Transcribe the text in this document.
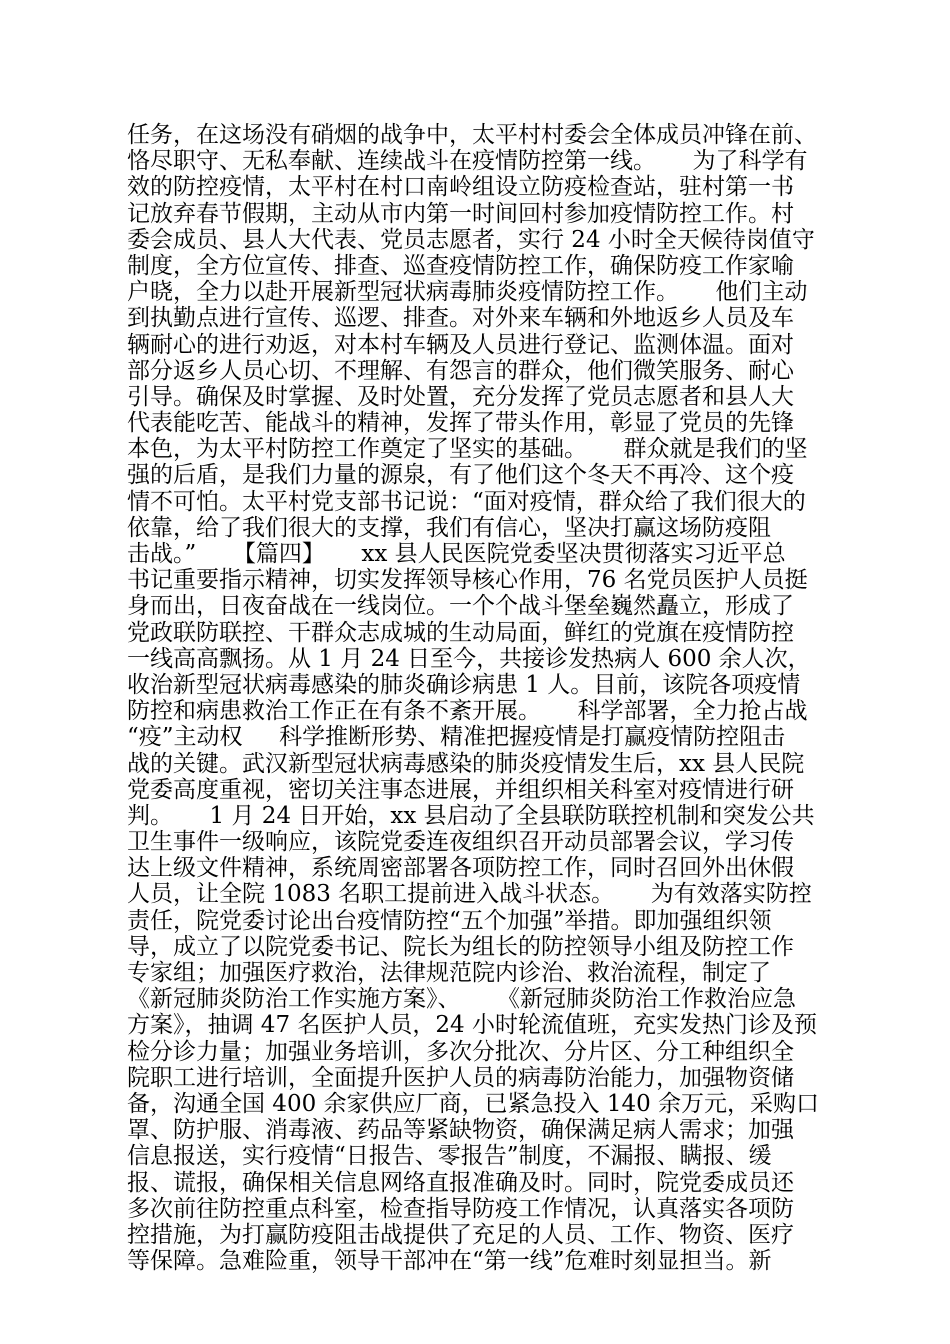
任务，在这场没有硝烟的战争中，太平村村委会全体成员冲锋在前、
恪尽职守、无私奉献、连续战斗在疫情防控第一线。     为了科学有
效的防控疫情，太平村在村口南岭组设立防疫检查站，驻村第一书
记放弃春节假期，主动从市内第一时间回村参加疫情防控工作。村
委会成员、县人大代表、党员志愿者，实行 24 小时全天候待岗值守
制度，全方位宣传、排查、巡查疫情防控工作，确保防疫工作家喻
户晓，全力以赴开展新型冠状病毒肺炎疫情防控工作。     他们主动
到执勤点进行宣传、巡逻、排查。对外来车辆和外地返乡人员及车
辆耐心的进行劝返，对本村车辆及人员进行登记、监测体温。面对
部分返乡人员心切、不理解、有怨言的群众，他们微笑服务、耐心
引导。确保及时掌握、及时处置，充分发挥了党员志愿者和县人大
代表能吃苦、能战斗的精神，发挥了带头作用，彰显了党员的先锋
本色，为太平村防控工作奠定了坚实的基础。     群众就是我们的坚
强的后盾，是我们力量的源泉，有了他们这个冬天不再冷、这个疫
情不可怕。太平村党支部书记说：“面对疫情，群众给了我们很大的
依靠，给了我们很大的支撑，我们有信心，坚决打赢这场防疫阻
击战。”     【篇四】     xx 县人民医院党委坚决贯彻落实习近平总
书记重要指示精神，切实发挥领导核心作用，76 名党员医护人员挺
身而出，日夜奋战在一线岗位。一个个战斗堡垒巍然矗立，形成了
党政联防联控、干群众志成城的生动局面，鲜红的党旗在疫情防控
一线高高飘扬。从 1 月 24 日至今，共接诊发热病人 600 余人次，
收治新型冠状病毒感染的肺炎确诊病患 1 人。目前，该院各项疫情
防控和病患救治工作正在有条不紊开展。     科学部署，全力抢占战
“疫”主动权     科学推断形势、精准把握疫情是打赢疫情防控阻击
战的关键。武汉新型冠状病毒感染的肺炎疫情发生后，xx 县人民院
党委高度重视，密切关注事态进展，并组织相关科室对疫情进行研
判。     1 月 24 日开始，xx 县启动了全县联防联控机制和突发公共
卫生事件一级响应，该院党委连夜组织召开动员部署会议，学习传
达上级文件精神，系统周密部署各项防控工作，同时召回外出休假
人员，让全院 1083 名职工提前进入战斗状态。     为有效落实防控
责任，院党委讨论出台疫情防控“五个加强”举措。即加强组织领
导，成立了以院党委书记、院长为组长的防控领导小组及防控工作
专家组；加强医疗救治，法律规范院内诊治、救治流程，制定了
《新冠肺炎防治工作实施方案》、     《新冠肺炎防治工作救治应急
方案》，抽调 47 名医护人员，24 小时轮流值班，充实发热门诊及预
检分诊力量；加强业务培训，多次分批次、分片区、分工种组织全
院职工进行培训，全面提升医护人员的病毒防治能力，加强物资储
备，沟通全国 400 余家供应厂商，已紧急投入 140 余万元，采购口
罩、防护服、消毒液、药品等紧缺物资，确保满足病人需求；加强
信息报送，实行疫情“日报告、零报告”制度，不漏报、瞒报、缓
报、谎报，确保相关信息网络直报准确及时。同时，院党委成员还
多次前往防控重点科室，检查指导防疫工作情况，认真落实各项防
控措施，为打赢防疫阻击战提供了充足的人员、工作、物资、医疗
等保障。急难险重，领导干部冲在“第一线”危难时刻显担当。新
